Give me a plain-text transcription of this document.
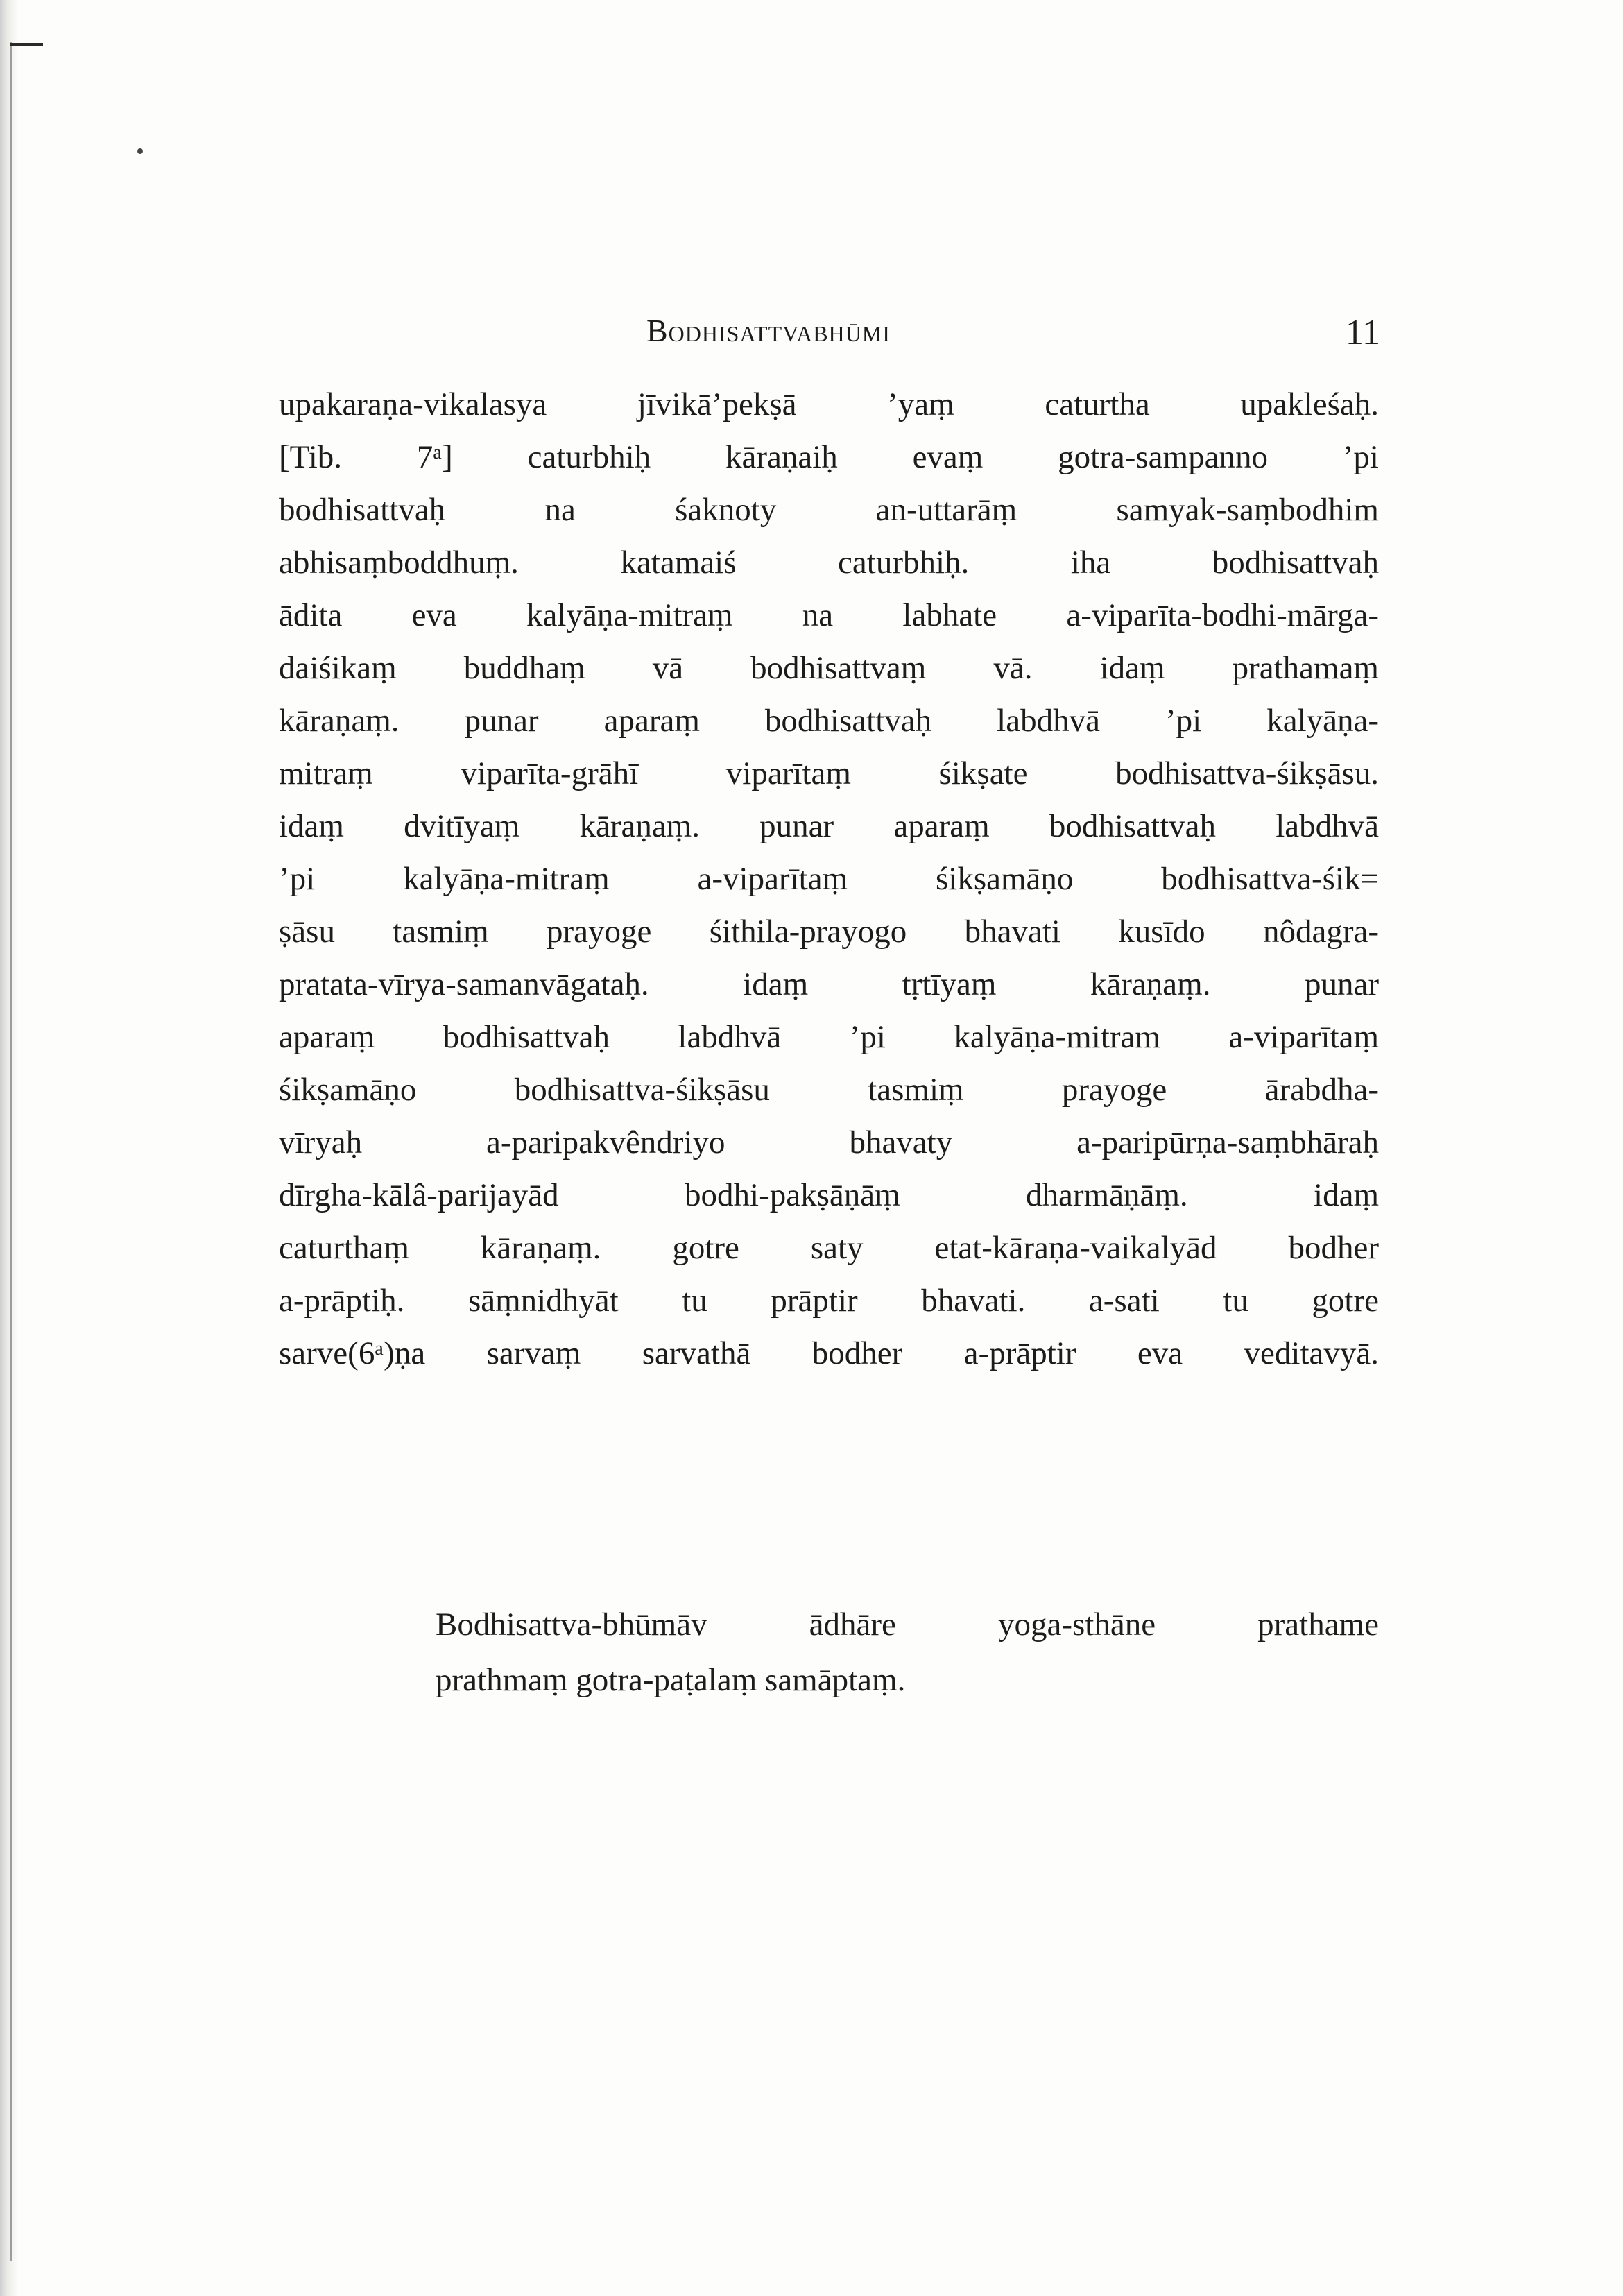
Bodhisattvabhūmi	11
upakaraṇa-vikalasya jīvikā’pekṣā ’yaṃ caturtha upakleśaḥ.
[Tib. 7ᵃ] caturbhiḥ kāraṇaiḥ evaṃ gotra-sampanno ’pi
bodhisattvaḥ na śaknoty an-uttarāṃ samyak-saṃbodhim
abhisaṃboddhuṃ. katamaiś caturbhiḥ. iha bodhisattvaḥ
ādita eva kalyāṇa-mitraṃ na labhate a-viparīta-bodhi-mārga-
daiśikaṃ buddhaṃ vā bodhisattvaṃ vā. idaṃ prathamaṃ
kāraṇaṃ. punar aparaṃ bodhisattvaḥ labdhvā ’pi kalyāṇa-
mitraṃ viparīta-grāhī viparītaṃ śikṣate bodhisattva-śikṣāsu.
idaṃ dvitīyaṃ kāraṇaṃ. punar aparaṃ bodhisattvaḥ labdhvā
’pi kalyāṇa-mitraṃ a-viparītaṃ śikṣamāṇo bodhisattva-śik=
ṣāsu tasmiṃ prayoge śithila-prayogo bhavati kusīdo nôdagra-
pratata-vīrya-samanvāgataḥ. idaṃ tṛtīyaṃ kāraṇaṃ. punar
aparaṃ bodhisattvaḥ labdhvā ’pi kalyāṇa-mitram a-viparītaṃ
śikṣamāṇo bodhisattva-śikṣāsu tasmiṃ prayoge ārabdha-
vīryaḥ a-paripakvêndriyo bhavaty a-paripūrṇa-saṃbhāraḥ
dīrgha-kālâ-parijayād bodhi-pakṣāṇāṃ dharmāṇāṃ. idaṃ
caturthaṃ kāraṇaṃ. gotre saty etat-kāraṇa-vaikalyād bodher
a-prāptiḥ. sāṃnidhyāt tu prāptir bhavati. a-sati tu gotre
sarve(6ᵃ)ṇa sarvaṃ sarvathā bodher a-prāptir eva veditavyā.
Bodhisattva-bhūmāv ādhāre yoga-sthāne prathame
prathmaṃ gotra-paṭalaṃ samāptaṃ.
